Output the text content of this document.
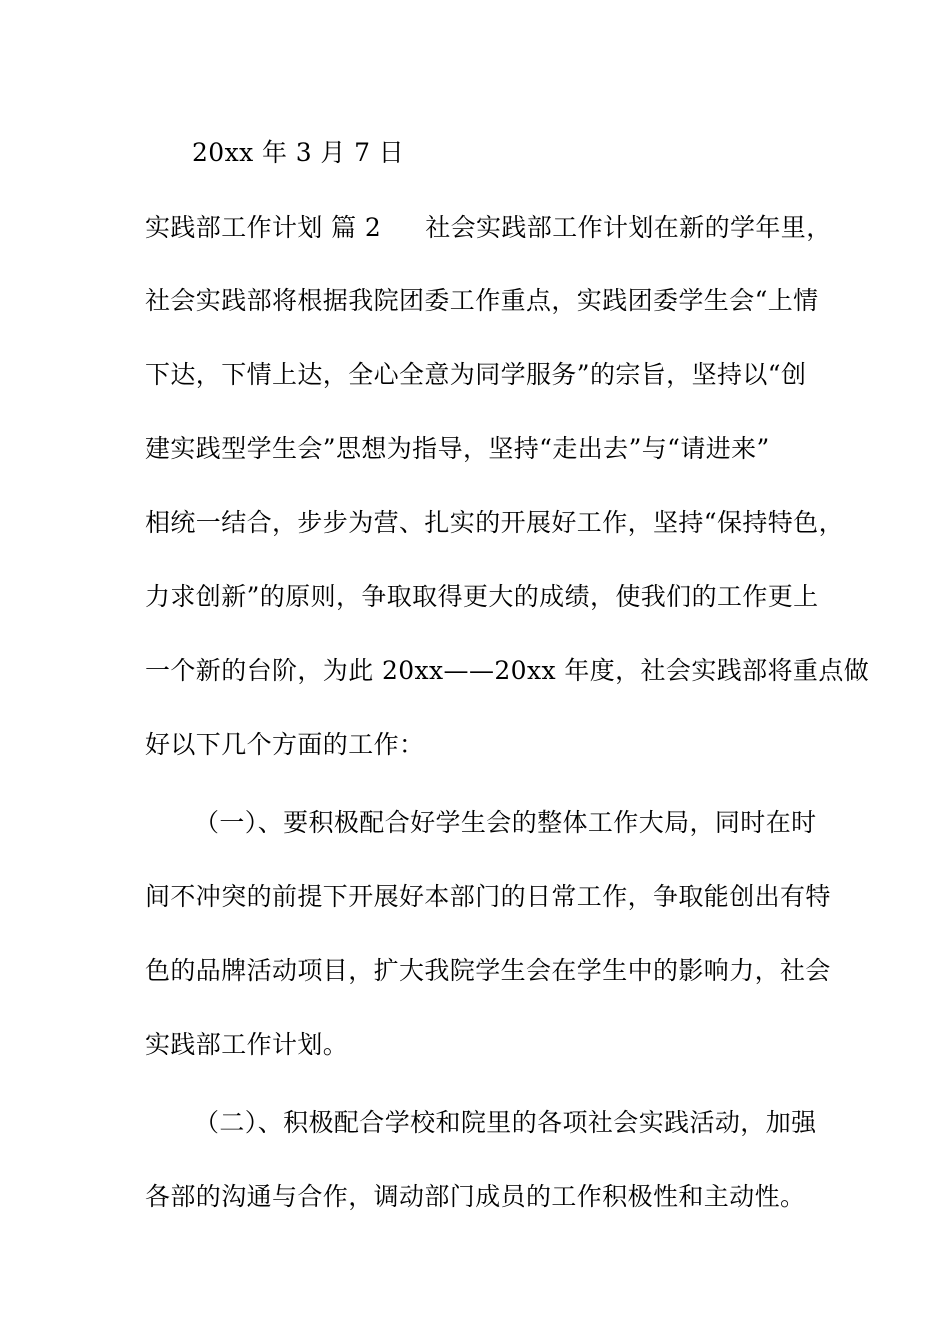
20xx 年 3 月 7 日
实践部工作计划 篇 2 社会实践部工作计划在新的学年里，
社会实践部将根据我院团委工作重点，实践团委学生会“上情
下达，下情上达，全心全意为同学服务”的宗旨，坚持以“创
建实践型学生会”思想为指导，坚持“走出去”与“请进来”
相统一结合，步步为营、扎实的开展好工作，坚持“保持特色，
力求创新”的原则，争取取得更大的成绩，使我们的工作更上
一个新的台阶，为此 20xx——20xx 年度，社会实践部将重点做
好以下几个方面的工作：
（一）、要积极配合好学生会的整体工作大局，同时在时
间不冲突的前提下开展好本部门的日常工作，争取能创出有特
色的品牌活动项目，扩大我院学生会在学生中的影响力，社会
实践部工作计划。
（二）、积极配合学校和院里的各项社会实践活动，加强
各部的沟通与合作，调动部门成员的工作积极性和主动性。
